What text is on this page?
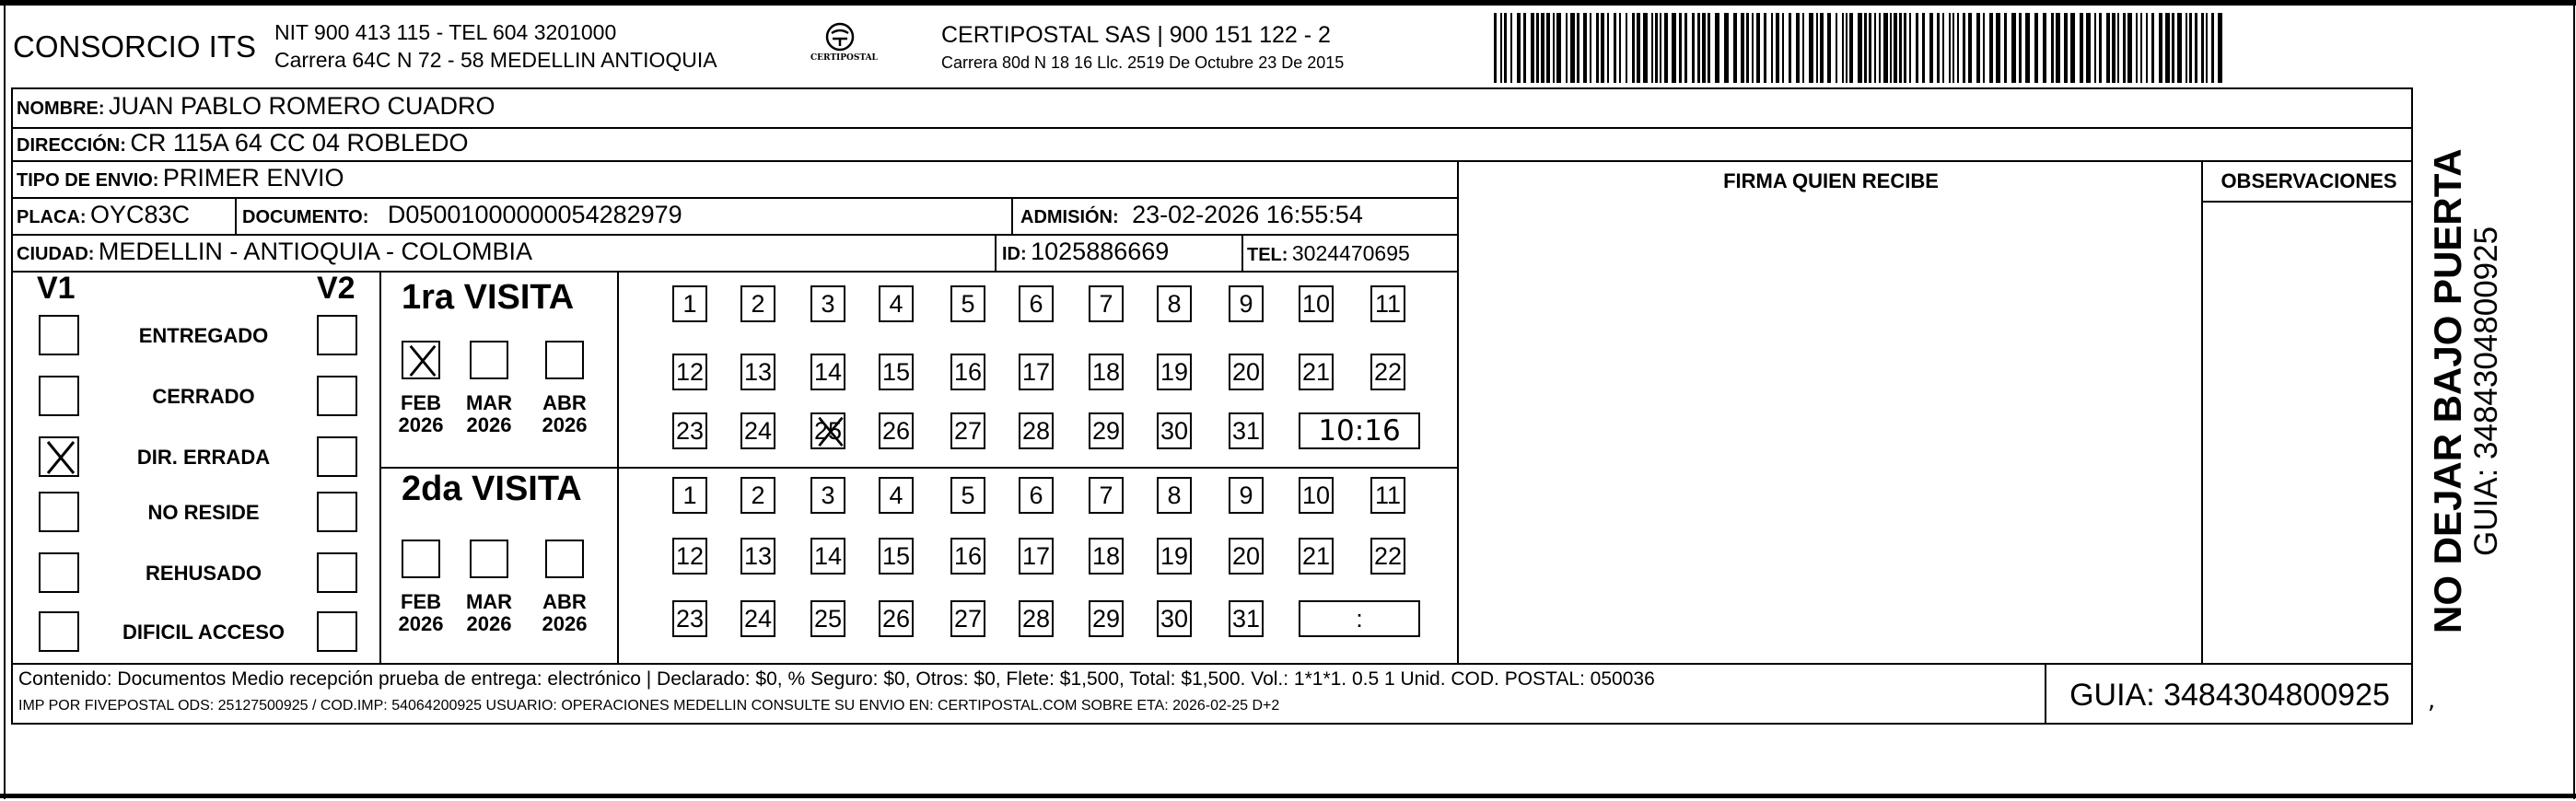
CONSORCIO ITS NIT 900 413 115 - TEL 604 3201000
Carrera 64C N 72 - 58 MEDELLIN ANTIOQUIA	CERTIPOSTAL
CERTIPOSTAL SAS | 900 151 122 - 2
Carrera 80d N 18 16 Llc. 2519 De Octubre 23 De 2015
NOMBRE: JUAN PABLO ROMERO CUADRO
DIRECCIÓN: CR 115A 64 CC 04 ROBLEDO
TIPO DE ENVIO: PRIMER ENVIO
PLACA: OYC83C	DOCUMENTO: D05001000000054282979	ADMISIÓN: 23-02-2026 16:55:54
CIUDAD: MEDELLIN - ANTIOQUIA - COLOMBIA	ID: 1025886669	TEL: 3024470695
FIRMA QUIEN RECIBE	OBSERVACIONES
V1	V2
ENTREGADO
CERRADO
DIR. ERRADA
NO RESIDE
REHUSADO
DIFICIL ACCESO
1ra VISITA
2da VISITA
FEB
2026
MAR
2026
ABR
2026
FEB
2026
MAR
2026
ABR
2026
1	2	3	4	5	6	7	8	9	10 11
12 13 14 15 16 17 18 19 20 21 22
23 24 25 26 27 28 29 30 31	10:16
1	2	3	4	5	6	7	8	9	10 11
12 13 14 15 16 17 18 19 20 21 22
23 24 25 26 27 28 29 30 31	:
Contenido: Documentos Medio recepción prueba de entrega: electrónico | Declarado: $0, % Seguro: $0, Otros: $0, Flete: $1,500, Total: $1,500. Vol.: 1*1*1. 0.5 1 Unid. COD. POSTAL: 050036
IMP POR FIVEPOSTAL ODS: 25127500925 / COD.IMP: 54064200925 USUARIO: OPERACIONES MEDELLIN CONSULTE SU ENVIO EN: CERTIPOSTAL.COM SOBRE ETA: 2026-02-25 D+2	GUIA: 3484304800925	,
NO DEJAR BAJO PUERTA GUIA: 3484304800925
